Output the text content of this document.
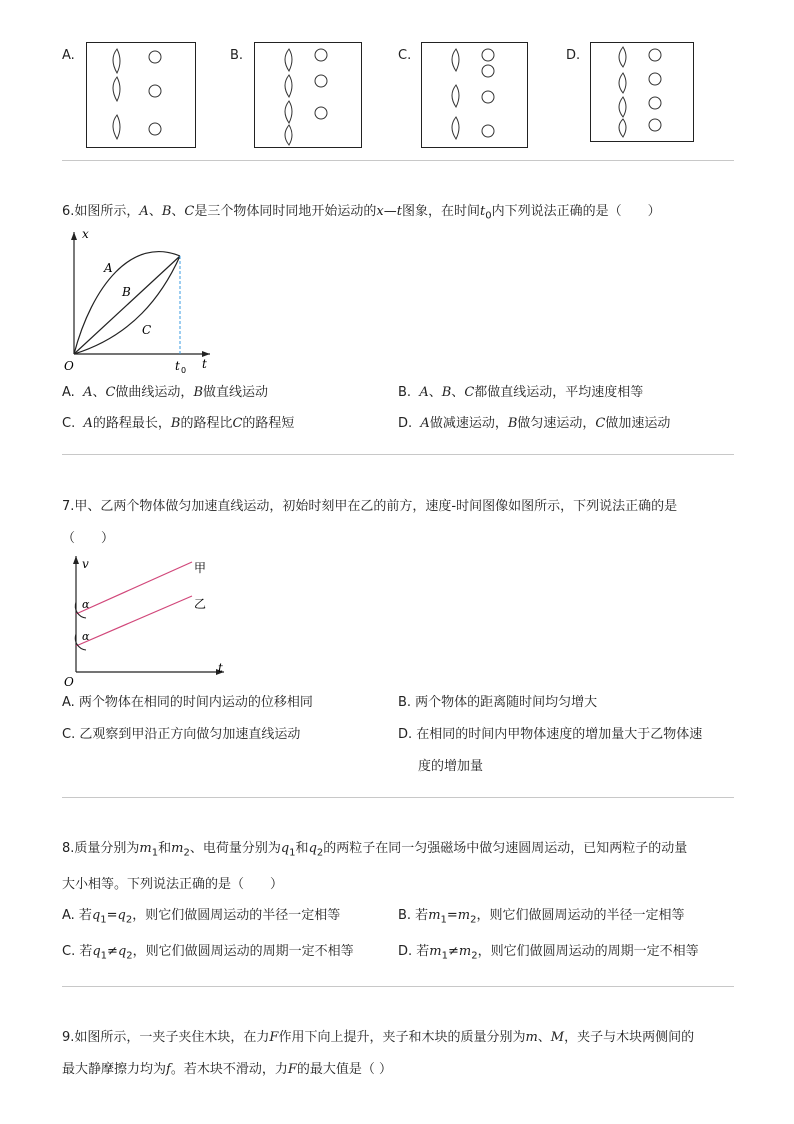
A.	B.	C.	D.
6.如图所示，A、B、C是三个物体同时同地开始运动的x—t图象，在时间$t_0$内下列说法正确的是（　　）
x
t
O	t 0
A
B
C
A. A、C做曲线运动，B做直线运动	B. A、B、C都做直线运动，平均速度相等
C. A的路程最长，B的路程比C的路程短	D. A做减速运动，B做匀速运动，C做加速运动
7.甲、乙两个物体做匀加速直线运动，初始时刻甲在乙的前方，速度-时间图像如图所示，下列说法正确的是
（　　）
v
t
O
甲
乙
α
α
A. 两个物体在相同的时间内运动的位移相同	B. 两个物体的距离随时间均匀增大
C. 乙观察到甲沿正方向做匀加速直线运动	D. 在相同的时间内甲物体速度的增加量大于乙物体速
度的增加量
8.质量分别为$m_1$和$m_2$、电荷量分别为$q_1$和$q_2$的两粒子在同一匀强磁场中做匀速圆周运动，已知两粒子的动量
大小相等。下列说法正确的是（　　）
A. 若$q_1=q_2$，则它们做圆周运动的半径一定相等	B. 若$m_1=m_2$，则它们做圆周运动的半径一定相等
C. 若$q_1\ne q_2$，则它们做圆周运动的周期一定不相等	D. 若$m_1\ne m_2$，则它们做圆周运动的周期一定不相等
9.如图所示，一夹子夹住木块，在力F作用下向上提升，夹子和木块的质量分别为m、M，夹子与木块两侧间的
最大静摩擦力均为f。若木块不滑动，力F的最大值是（ ）
